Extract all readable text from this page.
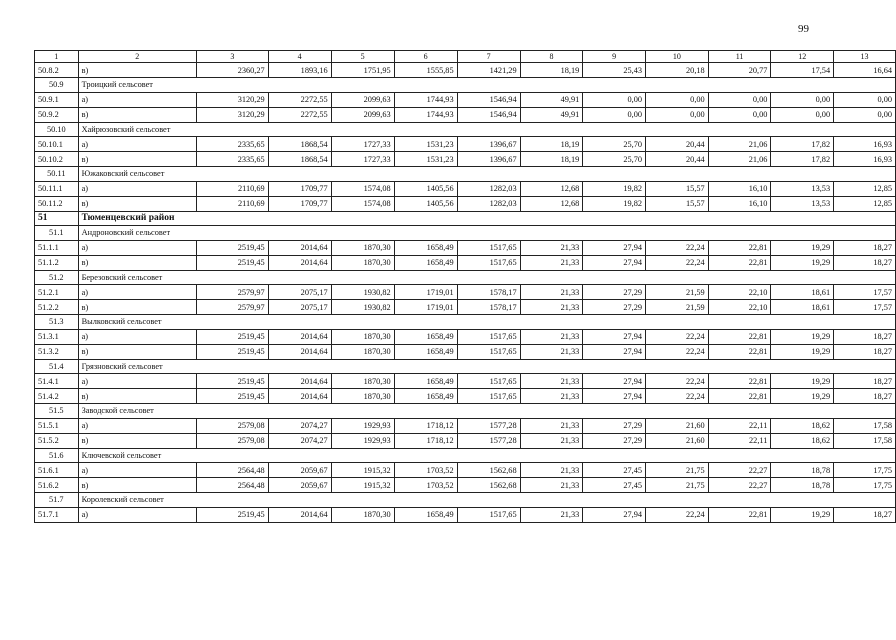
99
1	2	3	4	5	6	7	8	9	10	11	12	13
50.8.2	в)	2360,27	1893,16	1751,95	1555,85	1421,29	18,19	25,43	20,18	20,77	17,54	16,64
50.9	Троицкий сельсовет											
50.9.1	а)	3120,29	2272,55	2099,63	1744,93	1546,94	49,91	0,00	0,00	0,00	0,00	0,00
50.9.2	в)	3120,29	2272,55	2099,63	1744,93	1546,94	49,91	0,00	0,00	0,00	0,00	0,00
50.10	Хайрюзовский сельсовет											
50.10.1	а)	2335,65	1868,54	1727,33	1531,23	1396,67	18,19	25,70	20,44	21,06	17,82	16,93
50.10.2	в)	2335,65	1868,54	1727,33	1531,23	1396,67	18,19	25,70	20,44	21,06	17,82	16,93
50.11	Южаковский сельсовет											
50.11.1	а)	2110,69	1709,77	1574,08	1405,56	1282,03	12,68	19,82	15,57	16,10	13,53	12,85
50.11.2	в)	2110,69	1709,77	1574,08	1405,56	1282,03	12,68	19,82	15,57	16,10	13,53	12,85
51	Тюменцевский район											
51.1	Андроновский сельсовет											
51.1.1	а)	2519,45	2014,64	1870,30	1658,49	1517,65	21,33	27,94	22,24	22,81	19,29	18,27
51.1.2	в)	2519,45	2014,64	1870,30	1658,49	1517,65	21,33	27,94	22,24	22,81	19,29	18,27
51.2	Березовский сельсовет											
51.2.1	а)	2579,97	2075,17	1930,82	1719,01	1578,17	21,33	27,29	21,59	22,10	18,61	17,57
51.2.2	в)	2579,97	2075,17	1930,82	1719,01	1578,17	21,33	27,29	21,59	22,10	18,61	17,57
51.3	Вылковский сельсовет											
51.3.1	а)	2519,45	2014,64	1870,30	1658,49	1517,65	21,33	27,94	22,24	22,81	19,29	18,27
51.3.2	в)	2519,45	2014,64	1870,30	1658,49	1517,65	21,33	27,94	22,24	22,81	19,29	18,27
51.4	Грязновский сельсовет											
51.4.1	а)	2519,45	2014,64	1870,30	1658,49	1517,65	21,33	27,94	22,24	22,81	19,29	18,27
51.4.2	в)	2519,45	2014,64	1870,30	1658,49	1517,65	21,33	27,94	22,24	22,81	19,29	18,27
51.5	Заводской сельсовет											
51.5.1	а)	2579,08	2074,27	1929,93	1718,12	1577,28	21,33	27,29	21,60	22,11	18,62	17,58
51.5.2	в)	2579,08	2074,27	1929,93	1718,12	1577,28	21,33	27,29	21,60	22,11	18,62	17,58
51.6	Ключевской сельсовет											
51.6.1	а)	2564,48	2059,67	1915,32	1703,52	1562,68	21,33	27,45	21,75	22,27	18,78	17,75
51.6.2	в)	2564,48	2059,67	1915,32	1703,52	1562,68	21,33	27,45	21,75	22,27	18,78	17,75
51.7	Королевский сельсовет											
51.7.1	а)	2519,45	2014,64	1870,30	1658,49	1517,65	21,33	27,94	22,24	22,81	19,29	18,27
